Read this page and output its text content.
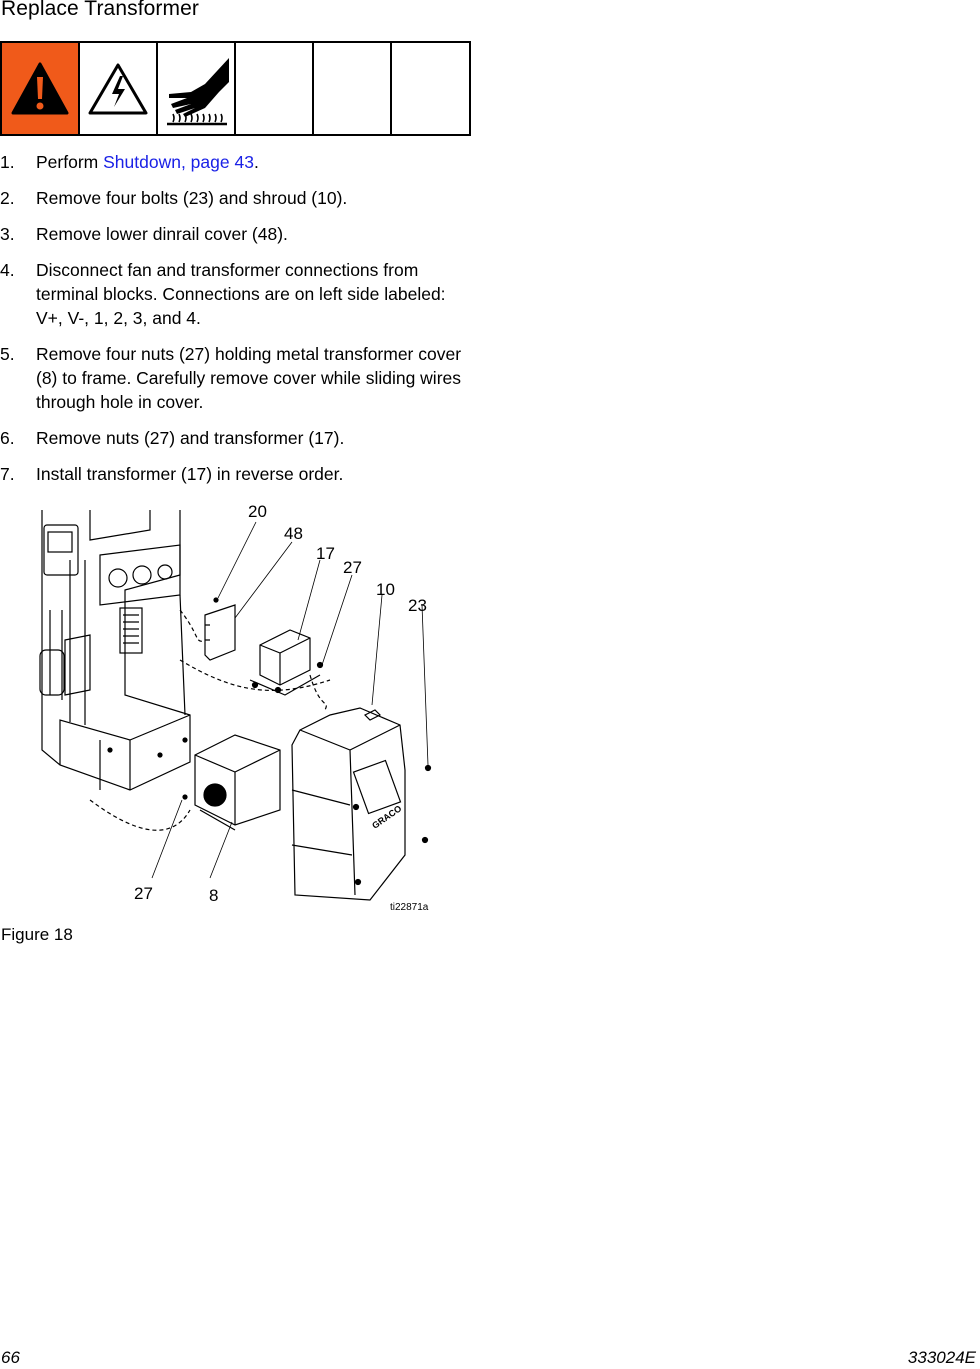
Replace Transformer
1.	Perform Shutdown, page 43.
2.	Remove four bolts (23) and shroud (10).
3.	Remove lower dinrail cover (48).
4.	Disconnect fan and transformer connections from terminal blocks. Connections are on left side labeled: V+, V-, 1, 2, 3, and 4.
5.	Remove four nuts (27) holding metal transformer cover (8) to frame. Carefully remove cover while sliding wires through hole in cover.
6.	Remove nuts (27) and transformer (17).
7.	Install transformer (17) in reverse order.
20
48
17
27
10
23
27	8
ti22871a
GRACO
Figure 18
66	333024E
